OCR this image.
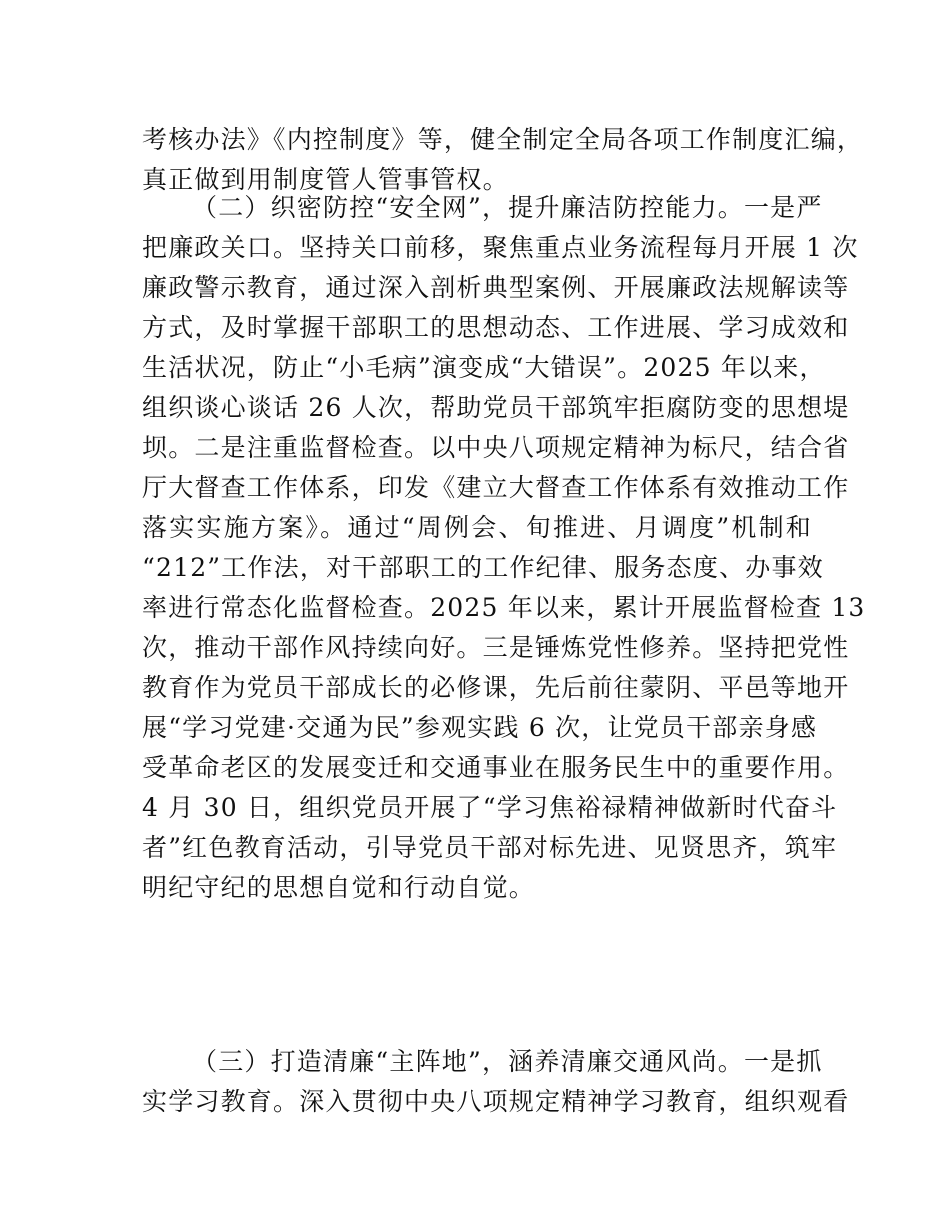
考核办法》《内控制度》等，健全制定全局各项工作制度汇编，
真正做到用制度管人管事管权。
（二）织密防控“安全网”，提升廉洁防控能力。一是严
把廉政关口。坚持关口前移，聚焦重点业务流程每月开展 1 次
廉政警示教育，通过深入剖析典型案例、开展廉政法规解读等
方式，及时掌握干部职工的思想动态、工作进展、学习成效和
生活状况，防止“小毛病”演变成“大错误”。2025 年以来，
组织谈心谈话 26 人次，帮助党员干部筑牢拒腐防变的思想堤
坝。二是注重监督检查。以中央八项规定精神为标尺，结合省
厅大督查工作体系，印发《建立大督查工作体系有效推动工作
落实实施方案》。通过“周例会、旬推进、月调度”机制和
“212”工作法，对干部职工的工作纪律、服务态度、办事效
率进行常态化监督检查。2025 年以来，累计开展监督检查 13
次，推动干部作风持续向好。三是锤炼党性修养。坚持把党性
教育作为党员干部成长的必修课，先后前往蒙阴、平邑等地开
展“学习党建·交通为民”参观实践 6 次，让党员干部亲身感
受革命老区的发展变迁和交通事业在服务民生中的重要作用。
4 月 30 日，组织党员开展了“学习焦裕禄精神做新时代奋斗
者”红色教育活动，引导党员干部对标先进、见贤思齐，筑牢
明纪守纪的思想自觉和行动自觉。
（三）打造清廉“主阵地”，涵养清廉交通风尚。一是抓
实学习教育。深入贯彻中央八项规定精神学习教育，组织观看
